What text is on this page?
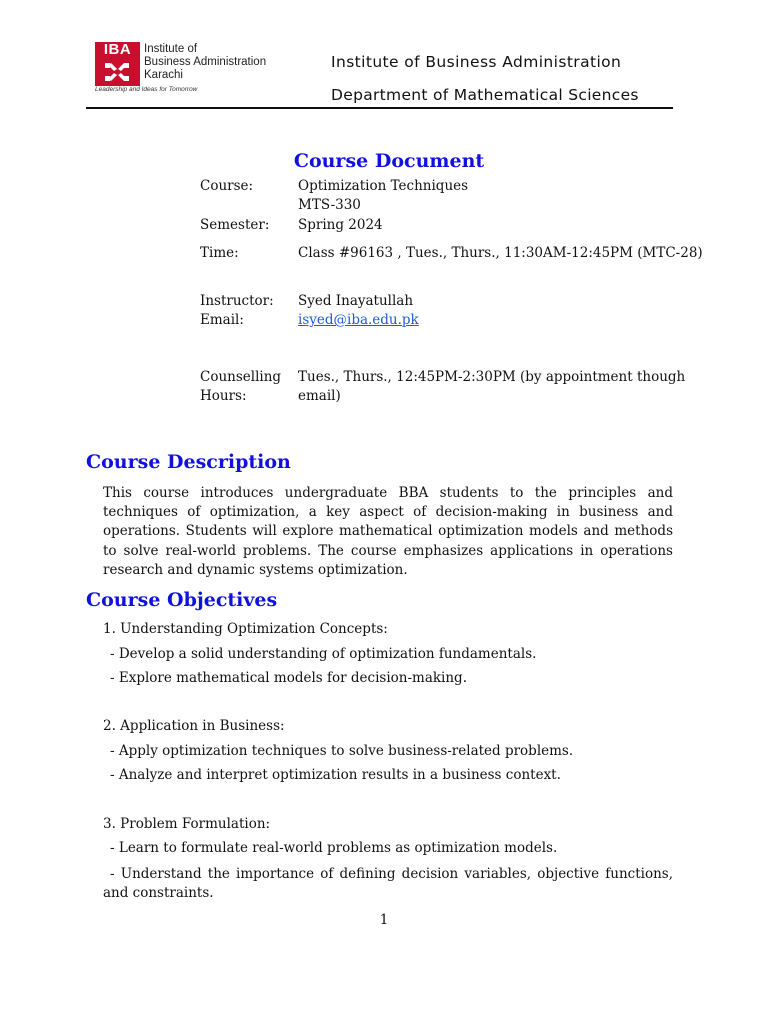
IBA	Institute of
Business Administration
Karachi
Leadership and Ideas for Tomorrow
Institute of Business Administration
Department of Mathematical Sciences
Course Document
Course:	Optimization Techniques
MTS-330
Semester: Spring 2024
Time:	Class #96163 , Tues., Thurs., 11:30AM-12:45PM (MTC-28)
Instructor: Syed Inayatullah
Email:	isyed@iba.edu.pk
Counselling
Hours:
Tues., Thurs., 12:45PM-2:30PM (by appointment though
email)
Course Description
This course introduces undergraduate BBA students to the principles and techniques of optimization, a key aspect of decision-making in business and operations. Students will explore mathematical optimization models and methods to solve real-world problems. The course emphasizes applications in operations research and dynamic systems optimization.
Course Objectives
1. Understanding Optimization Concepts:
- Develop a solid understanding of optimization fundamentals.
- Explore mathematical models for decision-making.
2. Application in Business:
- Apply optimization techniques to solve business-related problems.
- Analyze and interpret optimization results in a business context.
3. Problem Formulation:
- Learn to formulate real-world problems as optimization models.
- Understand the importance of defining decision variables, objective functions, and constraints.
1
